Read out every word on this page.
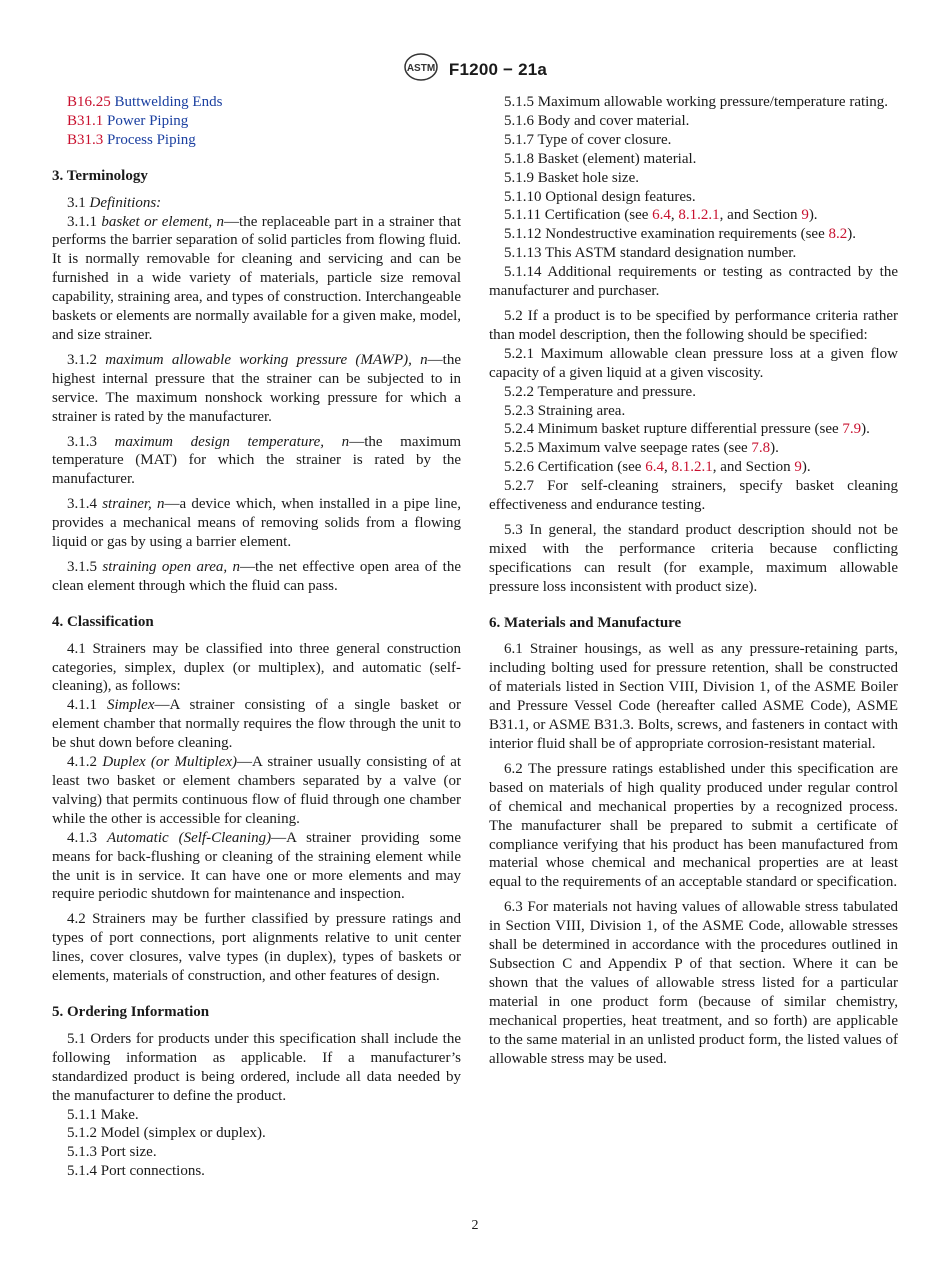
ASTM F1200 − 21a
B16.25 Buttwelding Ends
B31.1 Power Piping
B31.3 Process Piping
3. Terminology
3.1 Definitions:
3.1.1 basket or element, n—the replaceable part in a strainer that performs the barrier separation of solid particles from flowing fluid. It is normally removable for cleaning and servicing and can be furnished in a wide variety of materials, particle size removal capability, straining area, and types of construction. Interchangeable baskets or elements are normally available for a given make, model, and size strainer.
3.1.2 maximum allowable working pressure (MAWP), n—the highest internal pressure that the strainer can be subjected to in service. The maximum nonshock working pressure for which a strainer is rated by the manufacturer.
3.1.3 maximum design temperature, n—the maximum temperature (MAT) for which the strainer is rated by the manufacturer.
3.1.4 strainer, n—a device which, when installed in a pipe line, provides a mechanical means of removing solids from a flowing liquid or gas by using a barrier element.
3.1.5 straining open area, n—the net effective open area of the clean element through which the fluid can pass.
4. Classification
4.1 Strainers may be classified into three general construction categories, simplex, duplex (or multiplex), and automatic (self-cleaning), as follows:
4.1.1 Simplex—A strainer consisting of a single basket or element chamber that normally requires the flow through the unit to be shut down before cleaning.
4.1.2 Duplex (or Multiplex)—A strainer usually consisting of at least two basket or element chambers separated by a valve (or valving) that permits continuous flow of fluid through one chamber while the other is accessible for cleaning.
4.1.3 Automatic (Self-Cleaning)—A strainer providing some means for back-flushing or cleaning of the straining element while the unit is in service. It can have one or more elements and may require periodic shutdown for maintenance and inspection.
4.2 Strainers may be further classified by pressure ratings and types of port connections, port alignments relative to unit center lines, cover closures, valve types (in duplex), types of baskets or elements, materials of construction, and other features of design.
5. Ordering Information
5.1 Orders for products under this specification shall include the following information as applicable. If a manufacturer’s standardized product is being ordered, include all data needed by the manufacturer to define the product.
5.1.1 Make.
5.1.2 Model (simplex or duplex).
5.1.3 Port size.
5.1.4 Port connections.
5.1.5 Maximum allowable working pressure/temperature rating.
5.1.6 Body and cover material.
5.1.7 Type of cover closure.
5.1.8 Basket (element) material.
5.1.9 Basket hole size.
5.1.10 Optional design features.
5.1.11 Certification (see 6.4, 8.1.2.1, and Section 9).
5.1.12 Nondestructive examination requirements (see 8.2).
5.1.13 This ASTM standard designation number.
5.1.14 Additional requirements or testing as contracted by the manufacturer and purchaser.
5.2 If a product is to be specified by performance criteria rather than model description, then the following should be specified:
5.2.1 Maximum allowable clean pressure loss at a given flow capacity of a given liquid at a given viscosity.
5.2.2 Temperature and pressure.
5.2.3 Straining area.
5.2.4 Minimum basket rupture differential pressure (see 7.9).
5.2.5 Maximum valve seepage rates (see 7.8).
5.2.6 Certification (see 6.4, 8.1.2.1, and Section 9).
5.2.7 For self-cleaning strainers, specify basket cleaning effectiveness and endurance testing.
5.3 In general, the standard product description should not be mixed with the performance criteria because conflicting specifications can result (for example, maximum allowable pressure loss inconsistent with product size).
6. Materials and Manufacture
6.1 Strainer housings, as well as any pressure-retaining parts, including bolting used for pressure retention, shall be constructed of materials listed in Section VIII, Division 1, of the ASME Boiler and Pressure Vessel Code (hereafter called ASME Code), ASME B31.1, or ASME B31.3. Bolts, screws, and fasteners in contact with interior fluid shall be of appropriate corrosion-resistant material.
6.2 The pressure ratings established under this specification are based on materials of high quality produced under regular control of chemical and mechanical properties by a recognized process. The manufacturer shall be prepared to submit a certificate of compliance verifying that his product has been manufactured from material whose chemical and mechanical properties are at least equal to the requirements of an acceptable standard or specification.
6.3 For materials not having values of allowable stress tabulated in Section VIII, Division 1, of the ASME Code, allowable stresses shall be determined in accordance with the procedures outlined in Subsection C and Appendix P of that section. Where it can be shown that the values of allowable stress listed for a particular material in one product form (because of similar chemistry, mechanical properties, heat treatment, and so forth) are applicable to the same material in an unlisted product form, the listed values of allowable stress may be used.
2
